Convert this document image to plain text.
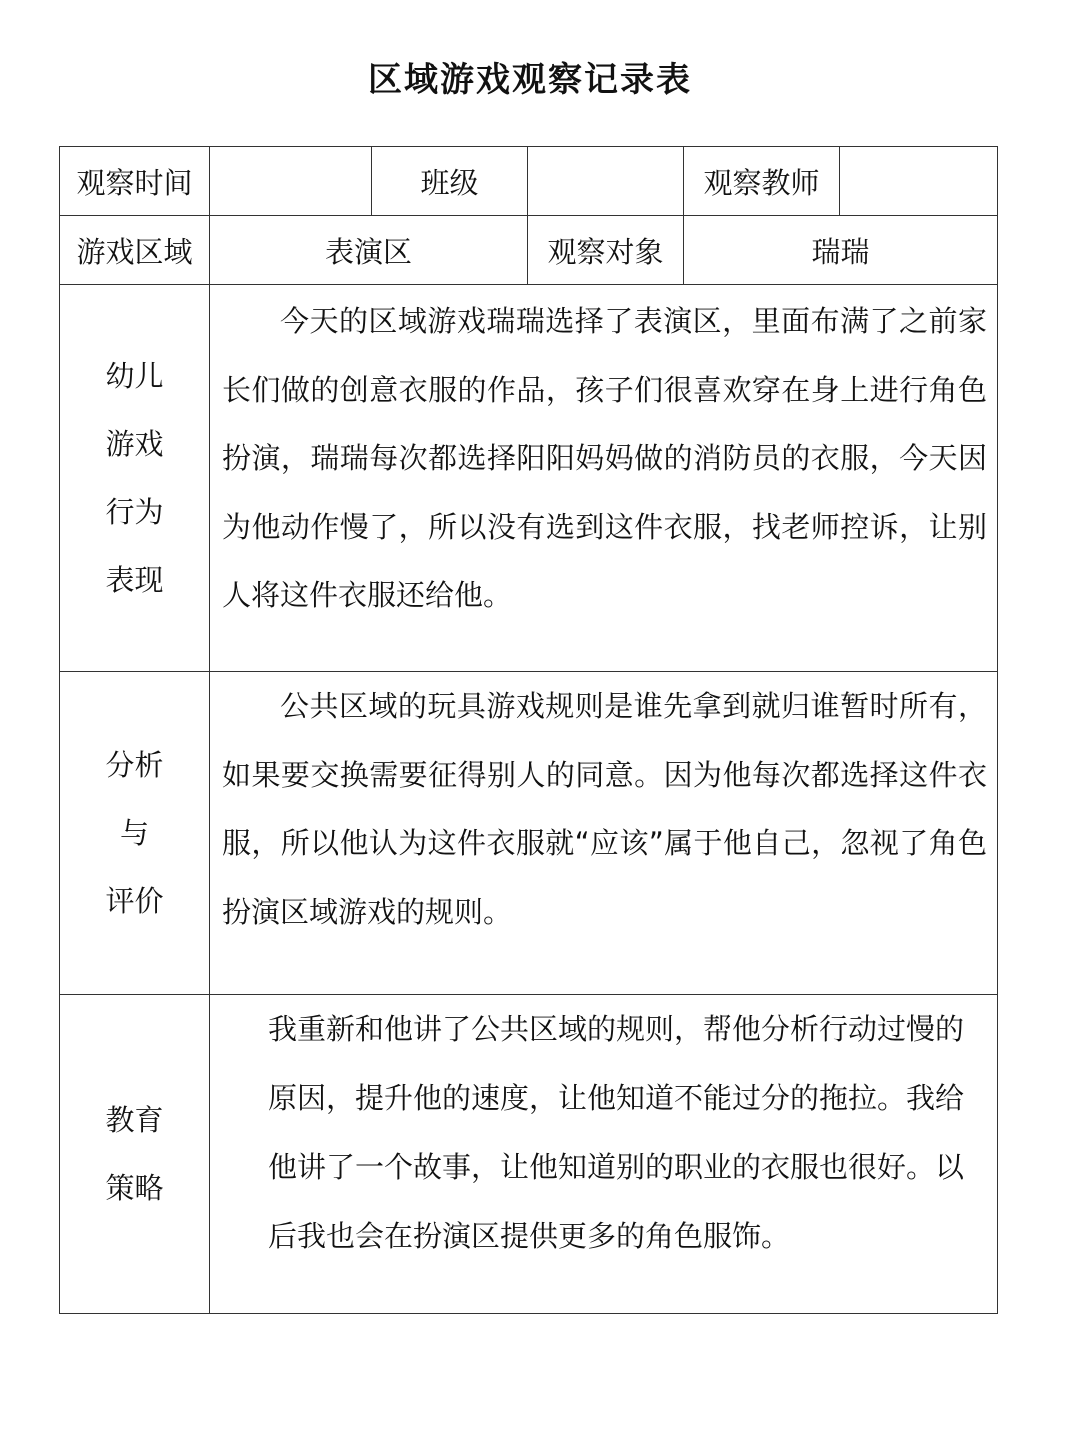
区域游戏观察记录表
观察时间		班级		观察教师	
游戏区域	表演区		观察对象	瑞瑞	

幼儿
游戏
行为
表现	今天的区域游戏瑞瑞选择了表演区，里面布满了之前家长们做的创意衣服的作品，孩子们很喜欢穿在身上进行角色扮演，瑞瑞每次都选择阳阳妈妈做的消防员的衣服，今天因为他动作慢了，所以没有选到这件衣服，找老师控诉，让别人将这件衣服还给他。				

分析
与
评价	公共区域的玩具游戏规则是谁先拿到就归谁暂时所有，如果要交换需要征得别人的同意。因为他每次都选择这件衣服，所以他认为这件衣服就“应该”属于他自己，忽视了角色扮演区域游戏的规则。				

教育
策略	我重新和他讲了公共区域的规则，帮他分析行动过慢的原因，提升他的速度，让他知道不能过分的拖拉。我给他讲了一个故事，让他知道别的职业的衣服也很好。以后我也会在扮演区提供更多的角色服饰。				
